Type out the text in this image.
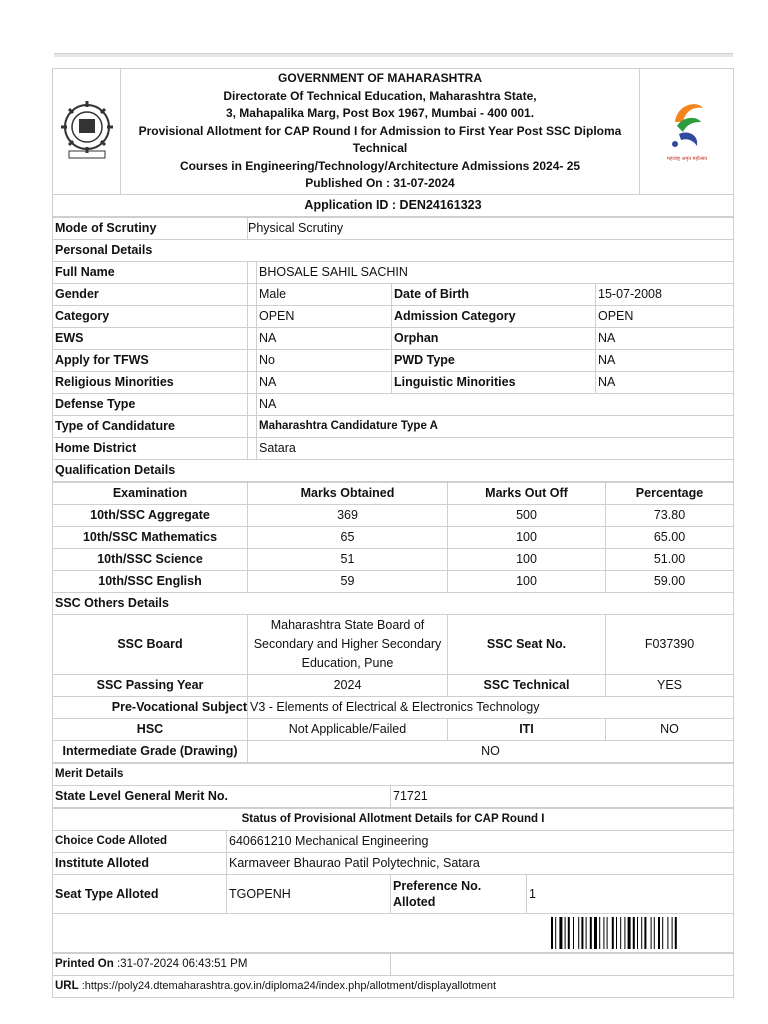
GOVERNMENT OF MAHARASHTRA
Directorate Of Technical Education, Maharashtra State,
3, Mahapalika Marg, Post Box 1967, Mumbai - 400 001.
Provisional Allotment for CAP Round I for Admission to First Year Post SSC Diploma Technical
Courses in Engineering/Technology/Architecture Admissions 2024- 25
Published On : 31-07-2024

महाराष्ट्र अमृत महोत्सव

Application ID : DEN24161323
Mode of Scrutiny	Physical Scrutiny			
Personal Details				
Full Name		BHOSALE SAHIL SACHIN		
Gender		Male	Date of Birth	15-07-2008
Category		OPEN	Admission Category	OPEN
EWS		NA	Orphan	NA
Apply for TFWS		No	PWD Type	NA
Religious Minorities		NA	Linguistic Minorities	NA
Defense Type		NA		
Type of Candidature		Maharashtra Candidature Type A		
Home District		Satara		
Qualification Details				
Examination	Marks Obtained	Marks Out Off	Percentage
10th/SSC Aggregate	369	500	73.80
10th/SSC Mathematics	65	100	65.00
10th/SSC Science	51	100	51.00
10th/SSC English	59	100	59.00
SSC Others Details			
SSC Board	Maharashtra State Board of Secondary and Higher Secondary Education, Pune	SSC Seat No.	F037390
SSC Passing Year	2024	SSC Technical	YES
Pre-Vocational Subject	V3 - Elements of Electrical & Electronics Technology		
HSC	Not Applicable/Failed	ITI	NO
Intermediate Grade (Drawing)	NO		
Merit Details
State Level General Merit No.	71721
Status of Provisional Allotment Details for CAP Round I			
Choice Code Alloted	640661210 Mechanical Engineering		
Institute Alloted	Karmaveer Bhaurao Patil Polytechnic, Satara		
Seat Type Alloted	TGOPENH	Preference No. Alloted	1

Printed On :31-07-2024 06:43:51 PM	
URL :https://poly24.dtemaharashtra.gov.in/diploma24/index.php/allotment/displayallotment
